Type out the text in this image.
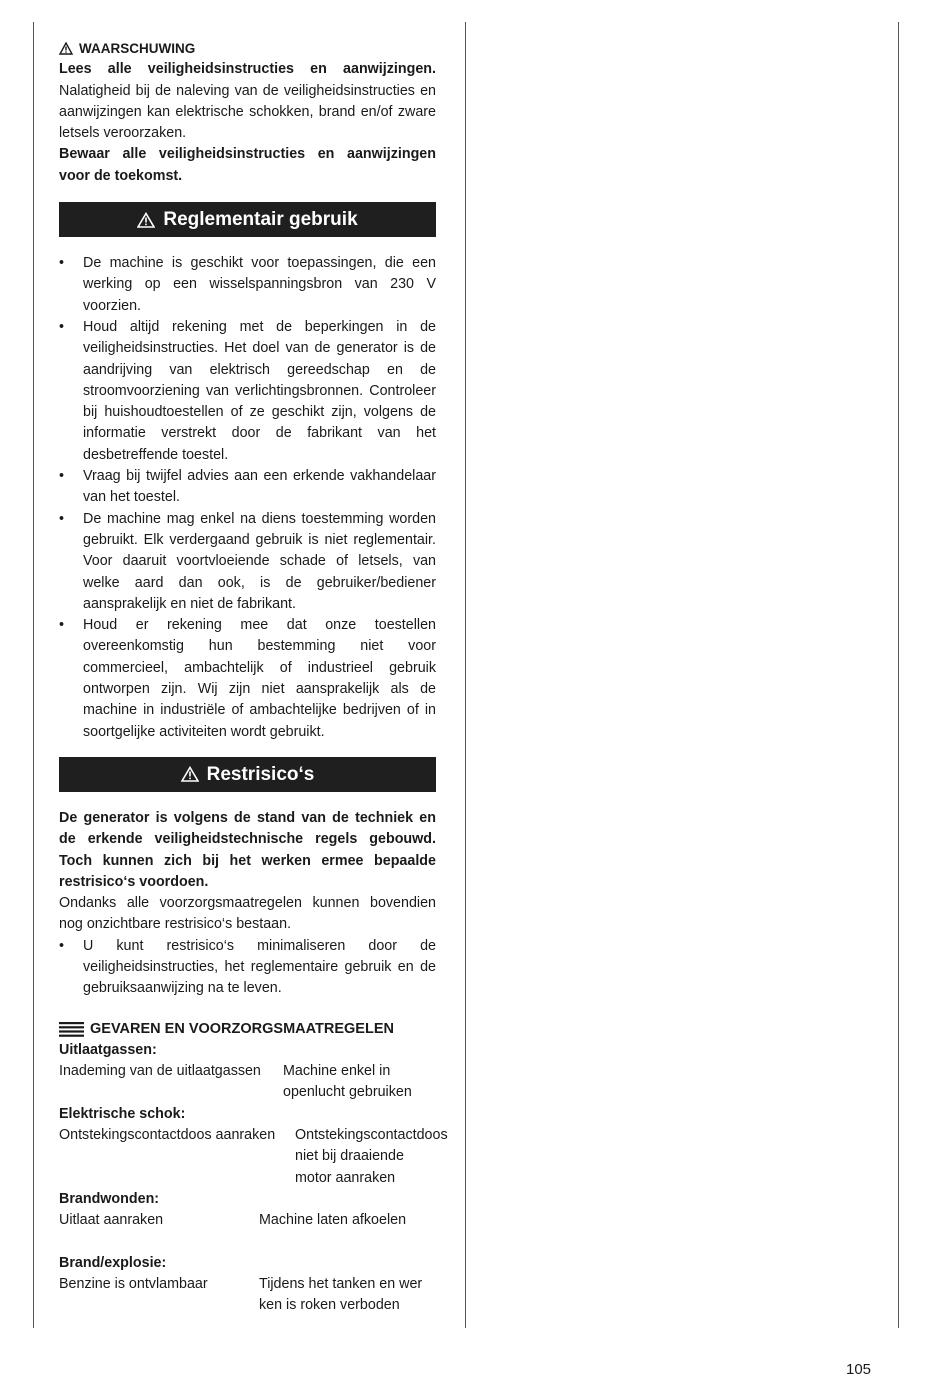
WAARSCHUWING

Lees alle veiligheidsinstructies en aanwijzingen. Nalatigheid bij de naleving van de veiligheidsinstructies en aanwijzingen kan elektrische schokken, brand en/of zware letsels veroorzaken.

Bewaar alle veiligheidsinstructies en aanwijzingen voor de toekomst.

Reglementair gebruik
• De machine is geschikt voor toepassingen, die een werking op een wisselspanningsbron van 230 V voorzien.
• Houd altijd rekening met de beperkingen in de veiligheidsinstructies. Het doel van de generator is de aandrijving van elektrisch gereedschap en de stroomvoorziening van verlichtingsbronnen. Controleer bij huishoudtoestellen of ze geschikt zijn, volgens de informatie verstrekt door de fabrikant van het desbetreffende toestel.
• Vraag bij twijfel advies aan een erkende vakhandelaar van het toestel.
• De machine mag enkel na diens toestemming worden gebruikt. Elk verdergaand gebruik is niet reglementair. Voor daaruit voortvloeiende schade of letsels, van welke aard dan ook, is de gebruiker/bediener aansprakelijk en niet de fabrikant.
• Houd er rekening mee dat onze toestellen overeenkomstig hun bestemming niet voor commercieel, ambachtelijk of industrieel gebruik ontworpen zijn. Wij zijn niet aansprakelijk als de machine in industriële of ambachtelijke bedrijven of in soortgelijke activiteiten wordt gebruikt.
Restrisico‘s

De generator is volgens de stand van de techniek en de erkende veiligheidstechnische regels gebouwd. Toch kunnen zich bij het werken ermee bepaalde restrisico‘s voordoen.

Ondanks alle voorzorgsmaatregelen kunnen bovendien nog onzichtbare restrisico‘s bestaan.

• U kunt restrisico‘s minimaliseren door de veiligheidsinstructies, het reglementaire gebruik en de gebruiksaanwijzing na te leven.
GEVAREN EN VOORZORGSMAATREGELEN
Uitlaatgassen:
Inademing van de uitlaatgassen	Machine enkel in openlucht gebruiken
Elektrische schok:
Ontstekingscontactdoos aanraken	Ontstekingscontactdoos niet bij draaiende motor aanraken
Brandwonden:
Uitlaat aanraken	Machine laten afkoelen
Brand/explosie:
Benzine is ontvlambaar	Tijdens het tanken en wer ken is roken verboden
105
